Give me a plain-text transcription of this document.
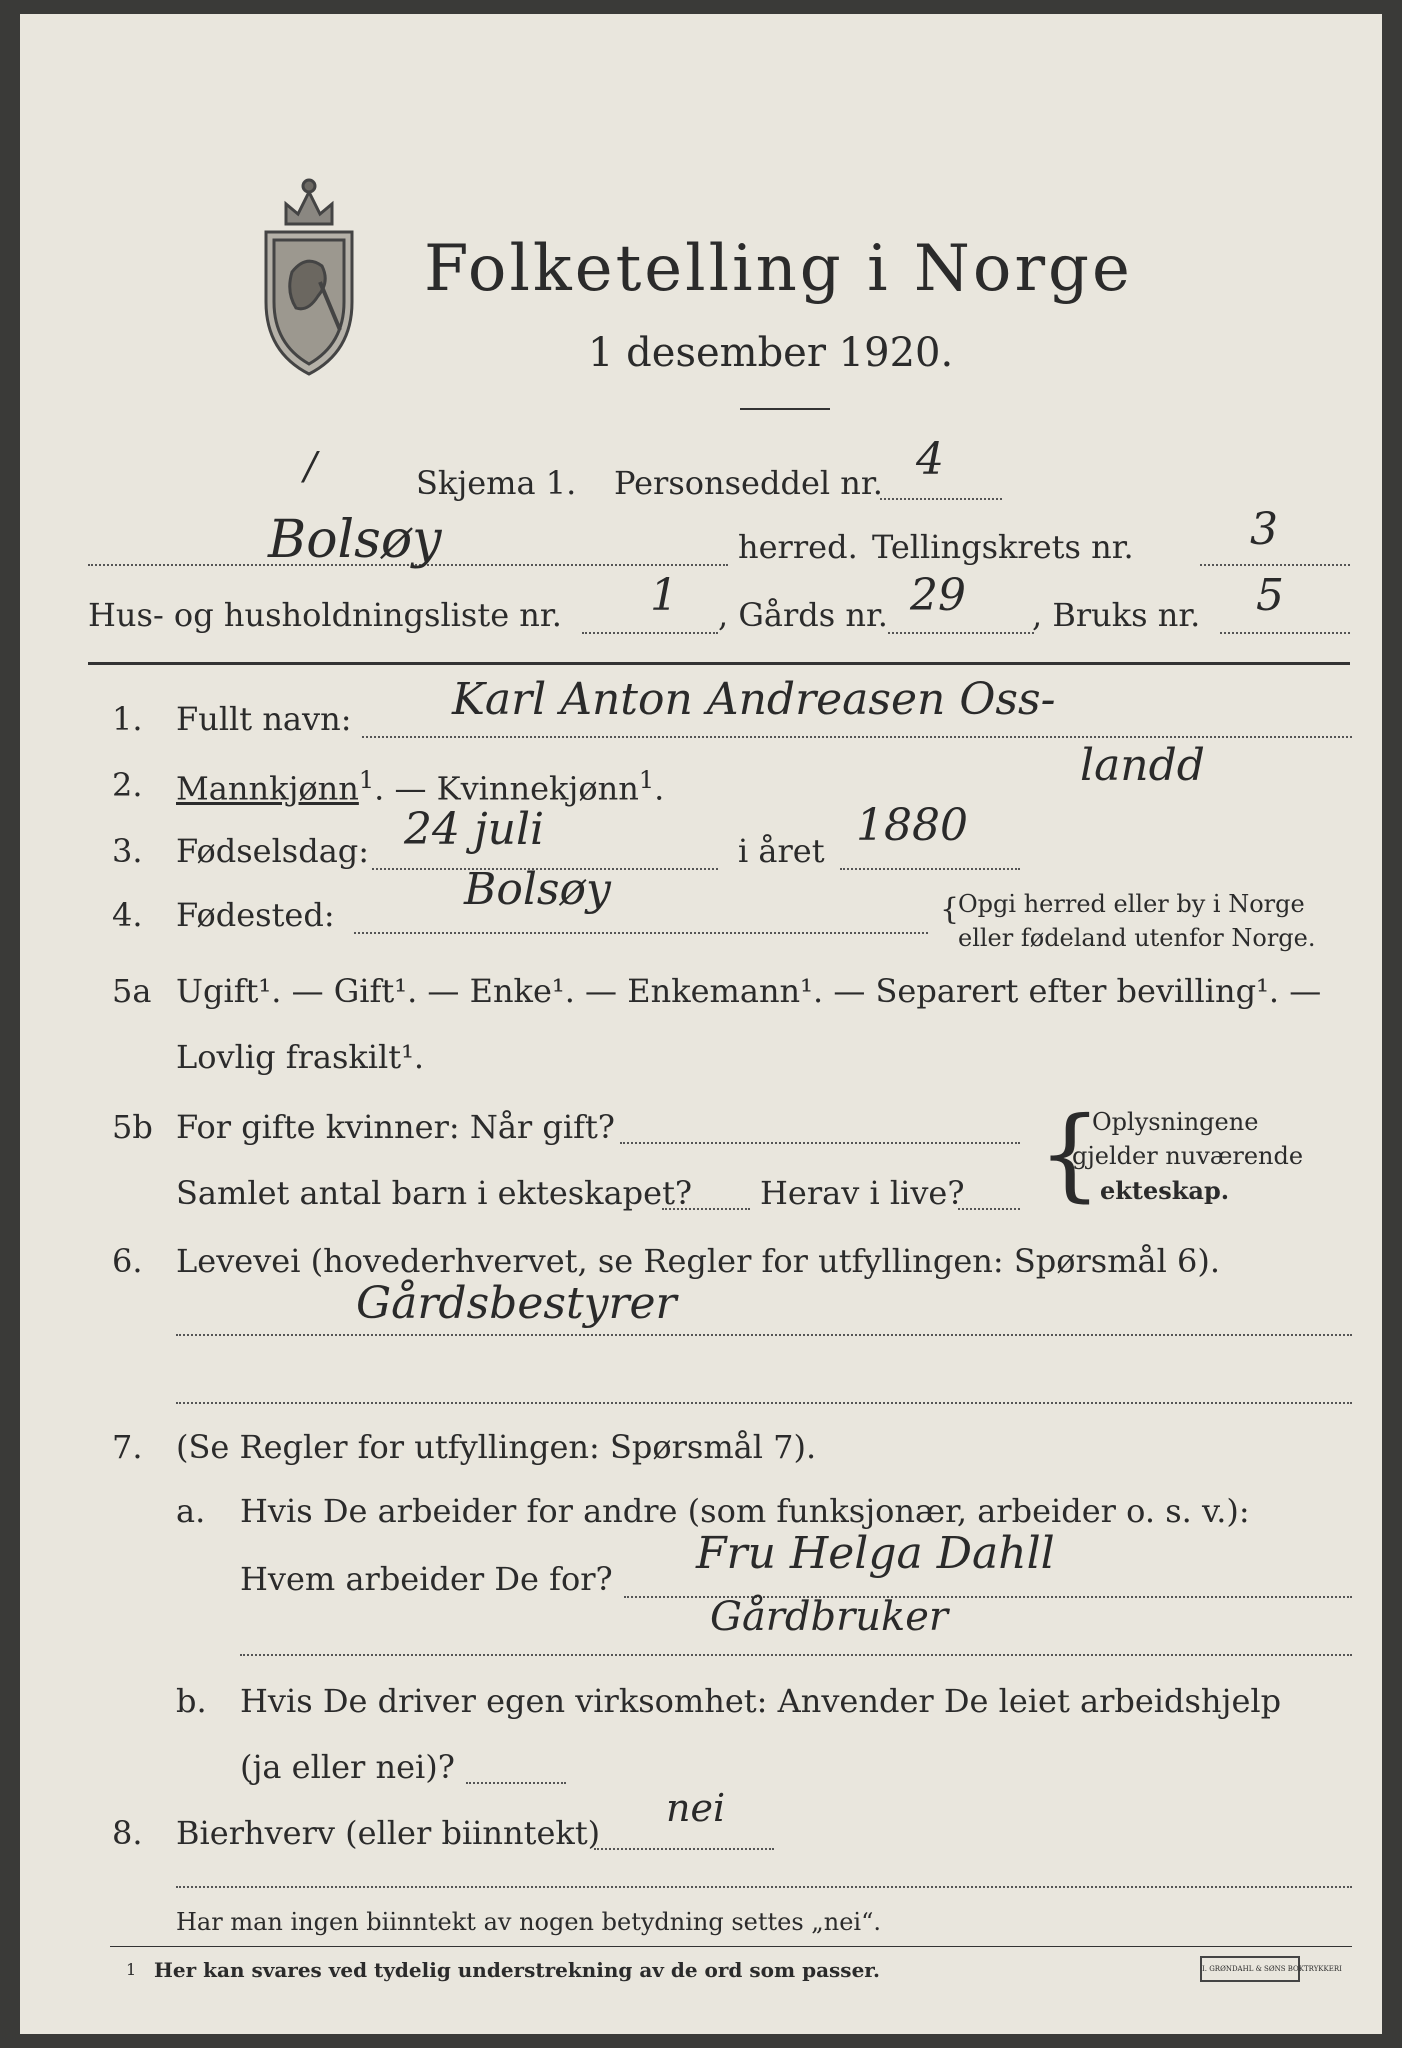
Folketelling i Norge
1 desember 1920.
/	Skjema 1. Personseddel nr. 4
Bolsøy	herred. Tellingskrets nr.	3
Hus- og husholdningsliste nr. 1 , Gårds nr. 29 , Bruks nr. 5
1. Fullt navn: Karl Anton Andreasen Oss-
landd
2. Mannkjønn$^1$. — Kvinnekjønn$^1$.
3. Fødselsdag: 24 juli	i året 1880
4. Fødested:	Bolsøy	{
Opgi herred eller by i Norge
eller fødeland utenfor Norge.
5a Ugift¹. — Gift¹. — Enke¹. — Enkemann¹. — Separert efter bevilling¹. —
Lovlig fraskilt¹.
5b For gifte kvinner: Når gift?
Samlet antal barn i ekteskapet? Herav i live? {
Oplysningene
gjelder nuværende
ekteskap.
6. Levevei (hovederhvervet, se Regler for utfyllingen: Spørsmål 6).
Gårdsbestyrer
7. (Se Regler for utfyllingen: Spørsmål 7).
a. Hvis De arbeider for andre (som funksjonær, arbeider o. s. v.):
Hvem arbeider De for? Fru Helga Dahll
Gårdbruker
b. Hvis De driver egen virksomhet: Anvender De leiet arbeidshjelp
(ja eller nei)?
8. Bierhverv (eller biinntekt)
nei
Har man ingen biinntekt av nogen betydning settes „nei“.
1 Her kan svares ved tydelig understrekning av de ord som passer.	I. GRØNDAHL & SØNS BOKTRYKKERI
